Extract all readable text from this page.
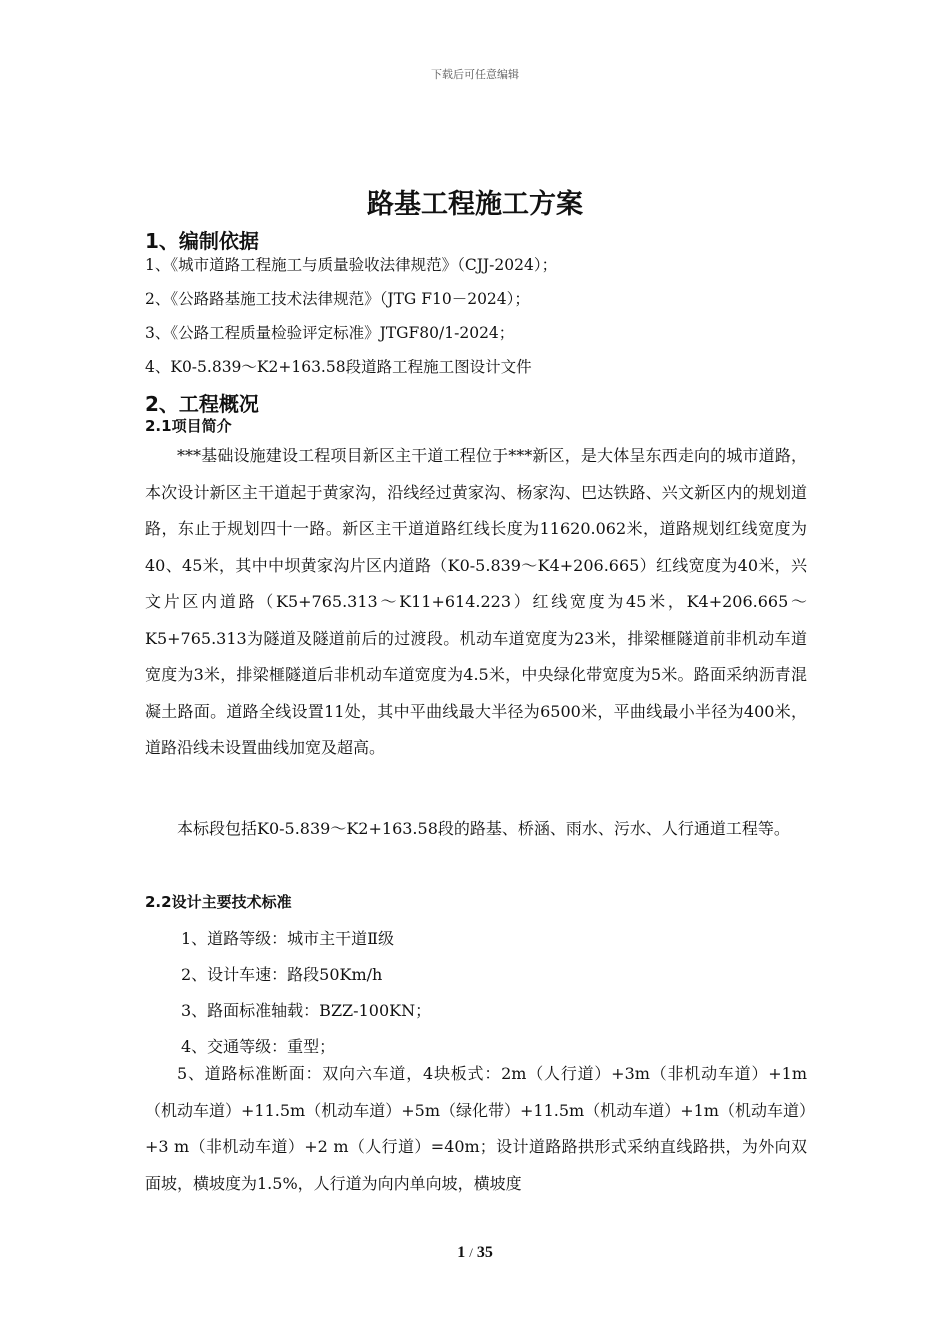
下载后可任意编辑
路基工程施工方案
1、编制依据
1、《城市道路工程施工与质量验收法律规范》（CJJ-2024）；
2、《公路路基施工技术法律规范》（JTG F10－2024）；
3、《公路工程质量检验评定标准》JTGF80/1-2024；
4、K0-5.839～K2+163.58段道路工程施工图设计文件
2、工程概况
2.1项目简介

***基础设施建设工程项目新区主干道工程位于***新区，是大体呈东西走向的城市道路，本次设计新区主干道起于黄家沟，沿线经过黄家沟、杨家沟、巴达铁路、兴文新区内的规划道路，东止于规划四十一路。新区主干道道路红线长度为11620.062米，道路规划红线宽度为40、45米，其中中坝黄家沟片区内道路（K0-5.839～K4+206.665）红线宽度为40米，兴文片区内道路（K5+765.313～K11+614.223）红线宽度为45米，K4+206.665～K5+765.313为隧道及隧道前后的过渡段。机动车道宽度为23米，排梁榧隧道前非机动车道宽度为3米，排梁榧隧道后非机动车道宽度为4.5米，中央绿化带宽度为5米。路面采纳沥青混凝土路面。道路全线设置11处，其中平曲线最大半径为6500米，平曲线最小半径为400米，道路沿线未设置曲线加宽及超高。

本标段包括K0-5.839～K2+163.58段的路基、桥涵、雨水、污水、人行通道工程等。

2.2设计主要技术标准
1、道路等级：城市主干道Ⅱ级
2、设计车速：路段50Km/h
3、路面标准轴载：BZZ-100KN；
4、交通等级：重型；

5、道路标准断面：双向六车道，4块板式：2m（人行道）+3m（非机动车道）+1m（机动车道）+11.5m（机动车道）+5m（绿化带）+11.5m（机动车道）+1m（机动车道）+3 m（非机动车道）+2 m（人行道）=40m；设计道路路拱形式采纳直线路拱，为外向双面坡，横坡度为1.5%，人行道为向内单向坡，横坡度

1 / 35
